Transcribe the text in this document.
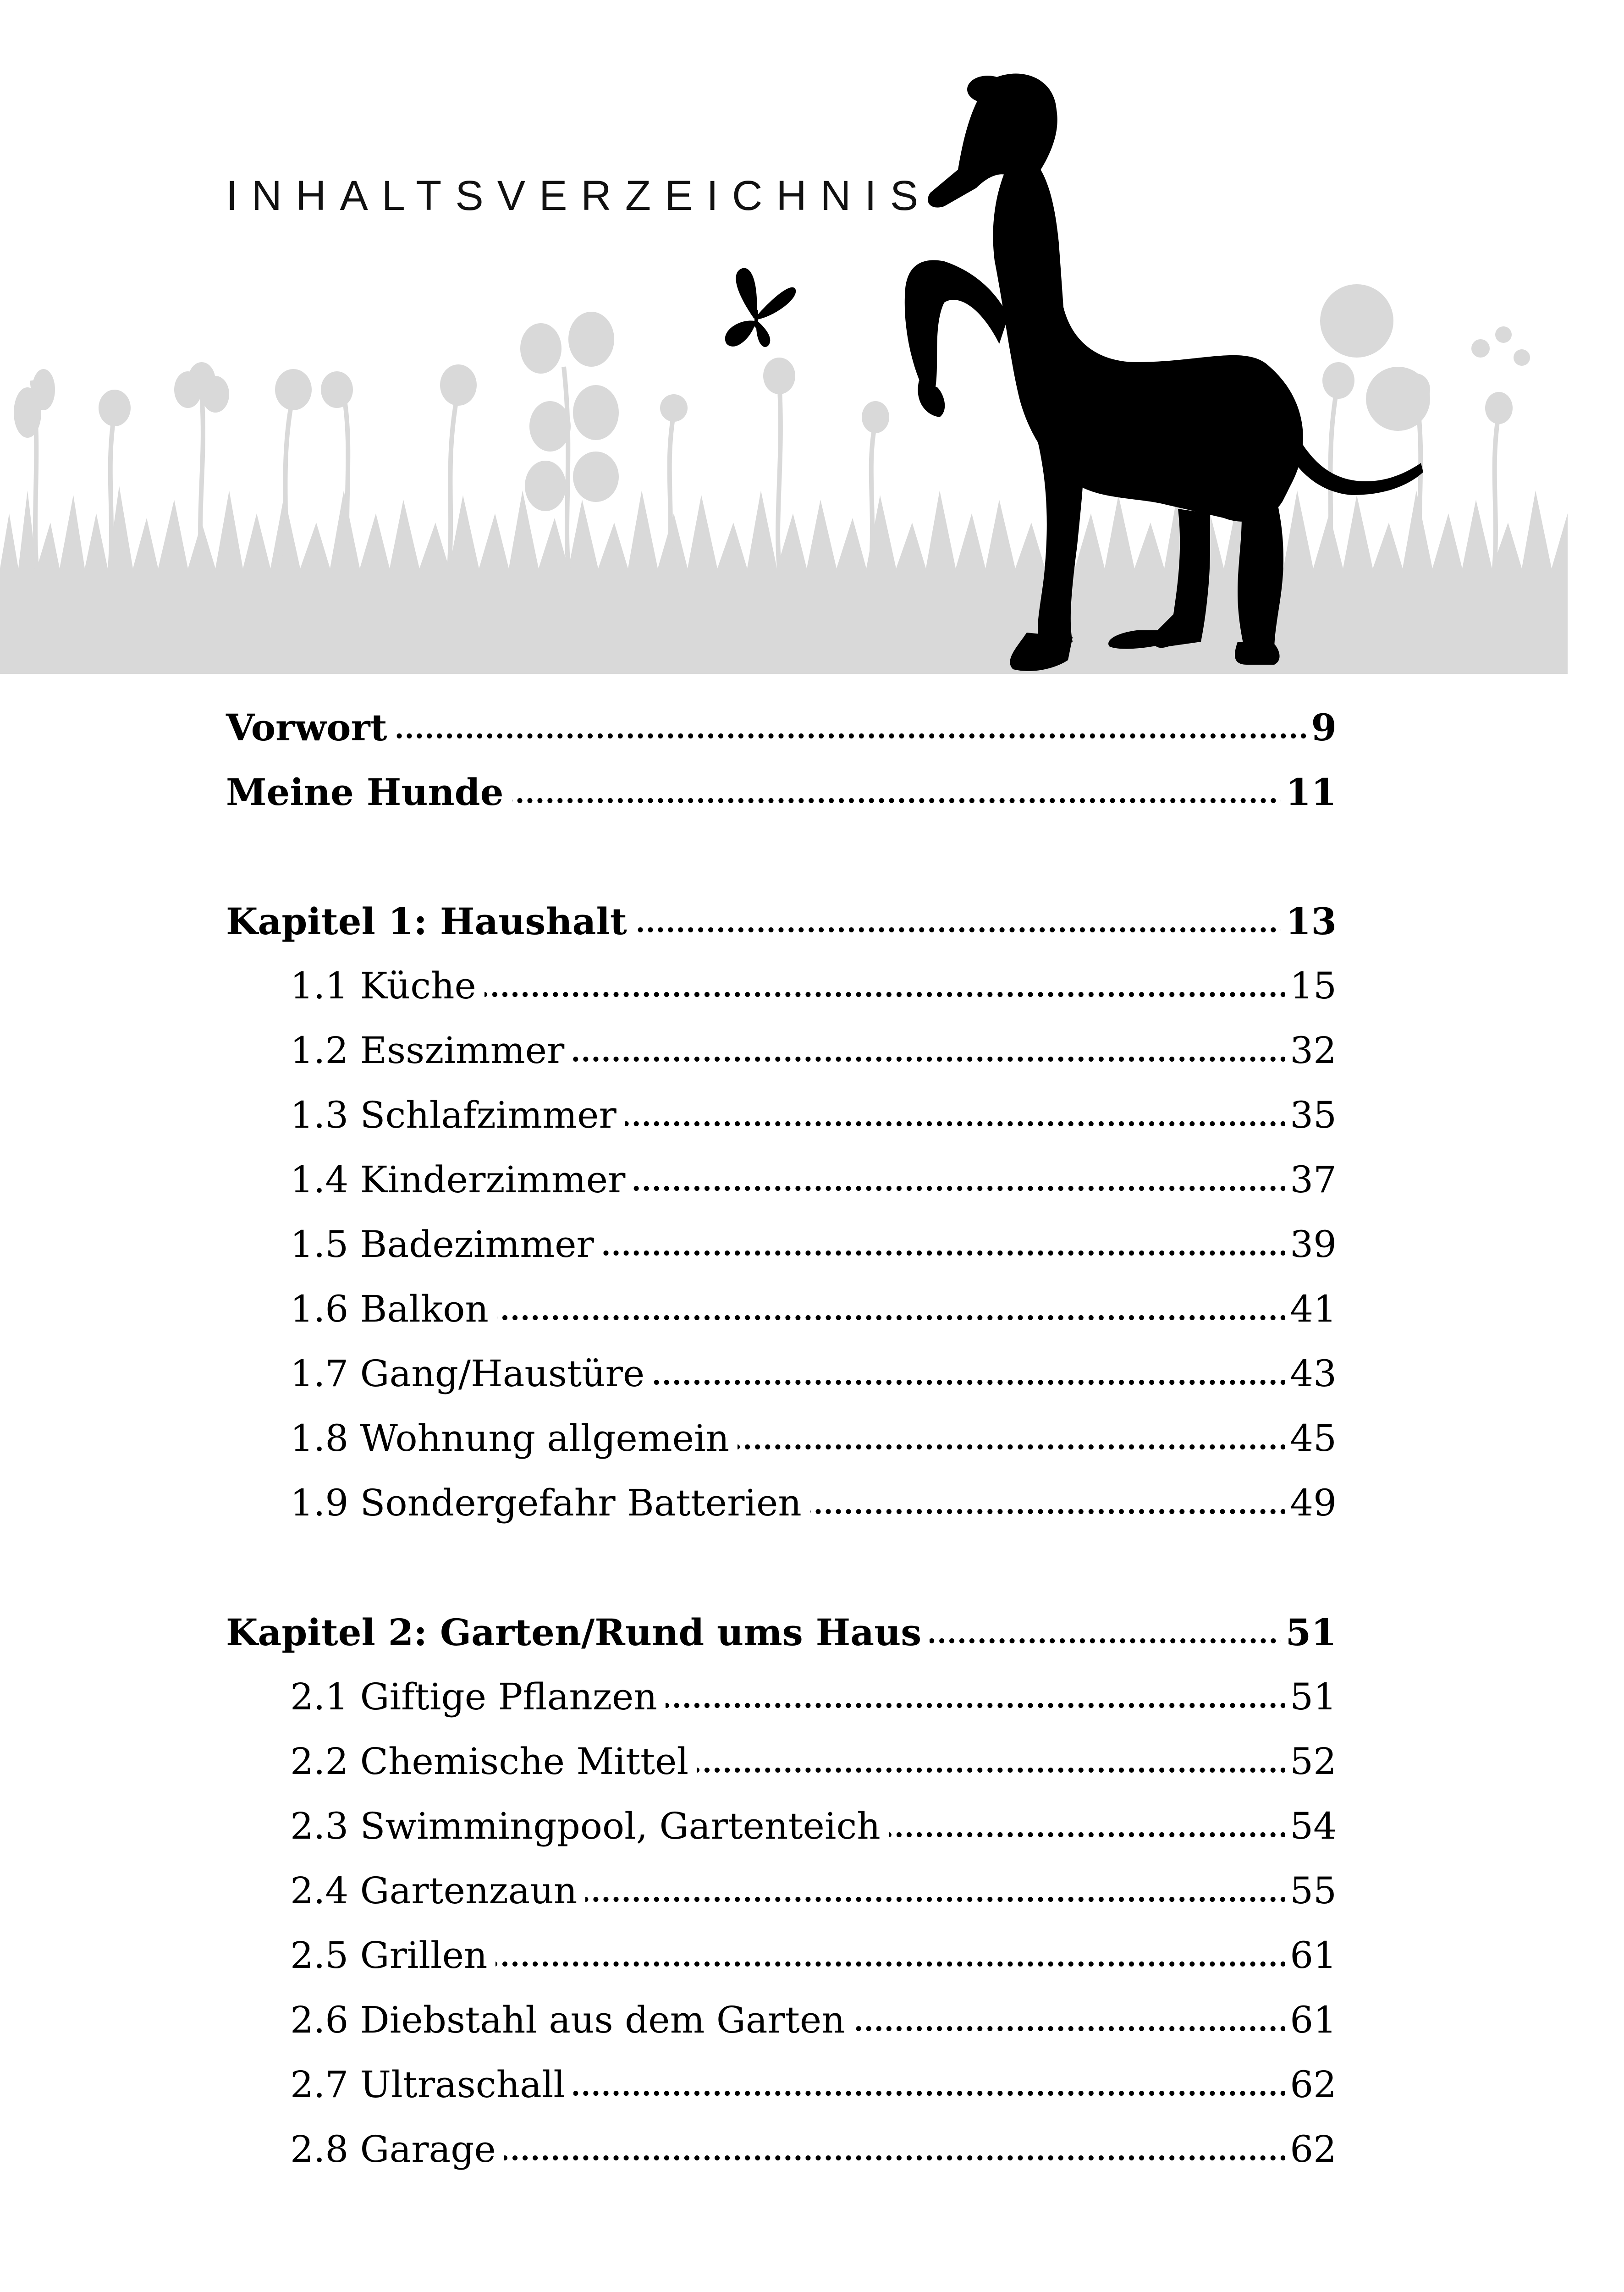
INHALTSVERZEICHNIS
Vorwort	9
Meine Hunde	11
Kapitel 1: Haushalt	13
1.1 Küche	15
1.2 Esszimmer	32
1.3 Schlafzimmer	35
1.4 Kinderzimmer	37
1.5 Badezimmer	39
1.6 Balkon	41
1.7 Gang/Haustüre	43
1.8 Wohnung allgemein	45
1.9 Sondergefahr Batterien	49
Kapitel 2: Garten/Rund ums Haus	51
2.1 Giftige Pflanzen	51
2.2 Chemische Mittel	52
2.3 Swimmingpool, Gartenteich	54
2.4 Gartenzaun	55
2.5 Grillen	61
2.6 Diebstahl aus dem Garten	61
2.7 Ultraschall	62
2.8 Garage	62
